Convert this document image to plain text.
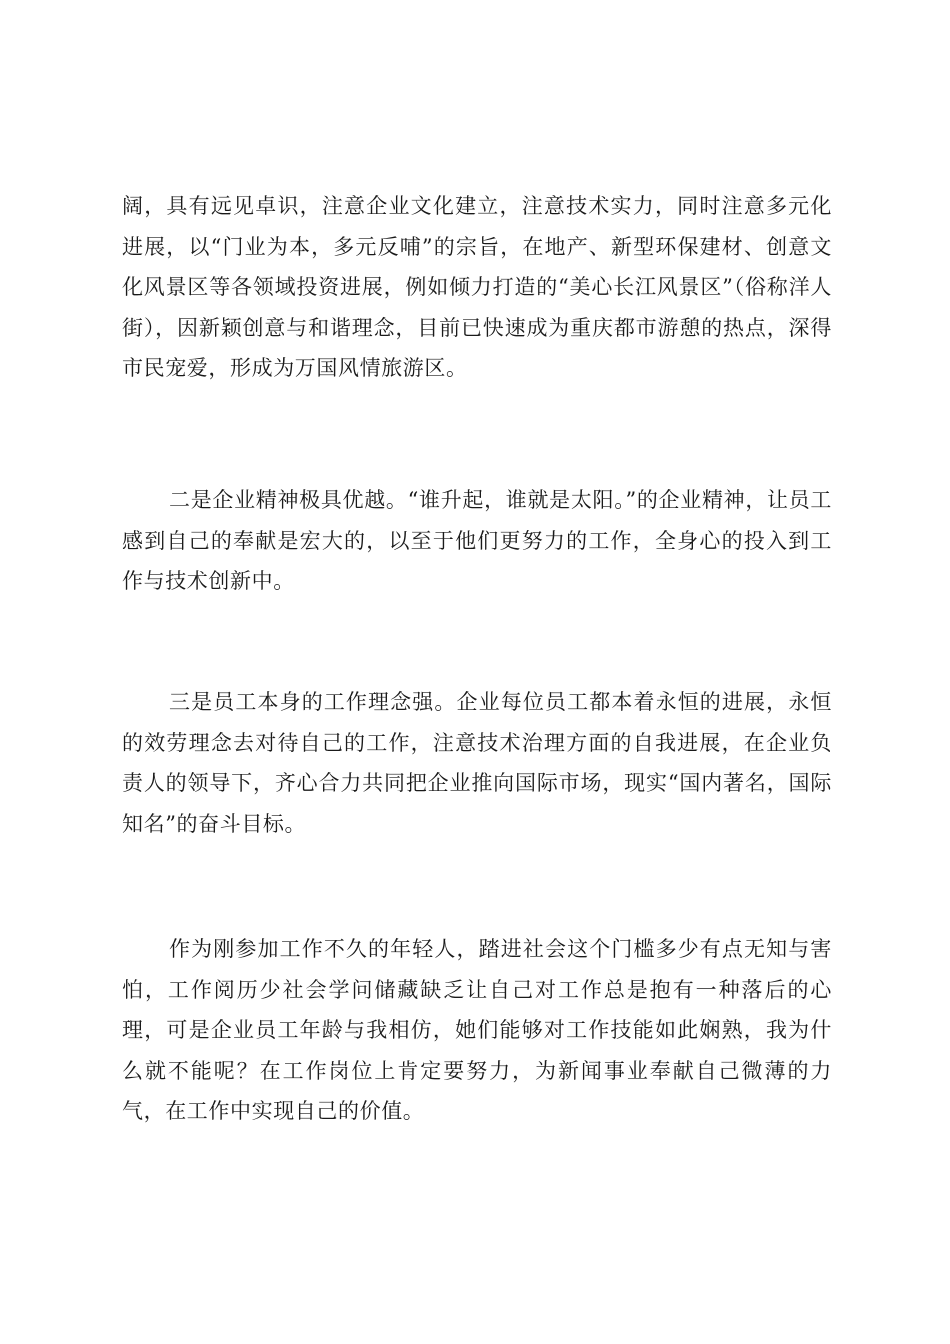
阔，具有远见卓识，注意企业文化建立，注意技术实力，同时注意多元化进展，以“门业为本，多元反哺”的宗旨，在地产、新型环保建材、创意文化风景区等各领域投资进展，例如倾力打造的“美心长江风景区”（俗称洋人街），因新颖创意与和谐理念，目前已快速成为重庆都市游憩的热点，深得市民宠爱，形成为万国风情旅游区。

二是企业精神极具优越。“谁升起，谁就是太阳。”的企业精神，让员工感到自己的奉献是宏大的，以至于他们更努力的工作，全身心的投入到工作与技术创新中。

三是员工本身的工作理念强。企业每位员工都本着永恒的进展，永恒的效劳理念去对待自己的工作，注意技术治理方面的自我进展，在企业负责人的领导下，齐心合力共同把企业推向国际市场，现实“国内著名，国际知名”的奋斗目标。

作为刚参加工作不久的年轻人，踏进社会这个门槛多少有点无知与害怕，工作阅历少社会学问储藏缺乏让自己对工作总是抱有一种落后的心理，可是企业员工年龄与我相仿，她们能够对工作技能如此娴熟，我为什么就不能呢？在工作岗位上肯定要努力，为新闻事业奉献自己微薄的力气，在工作中实现自己的价值。
